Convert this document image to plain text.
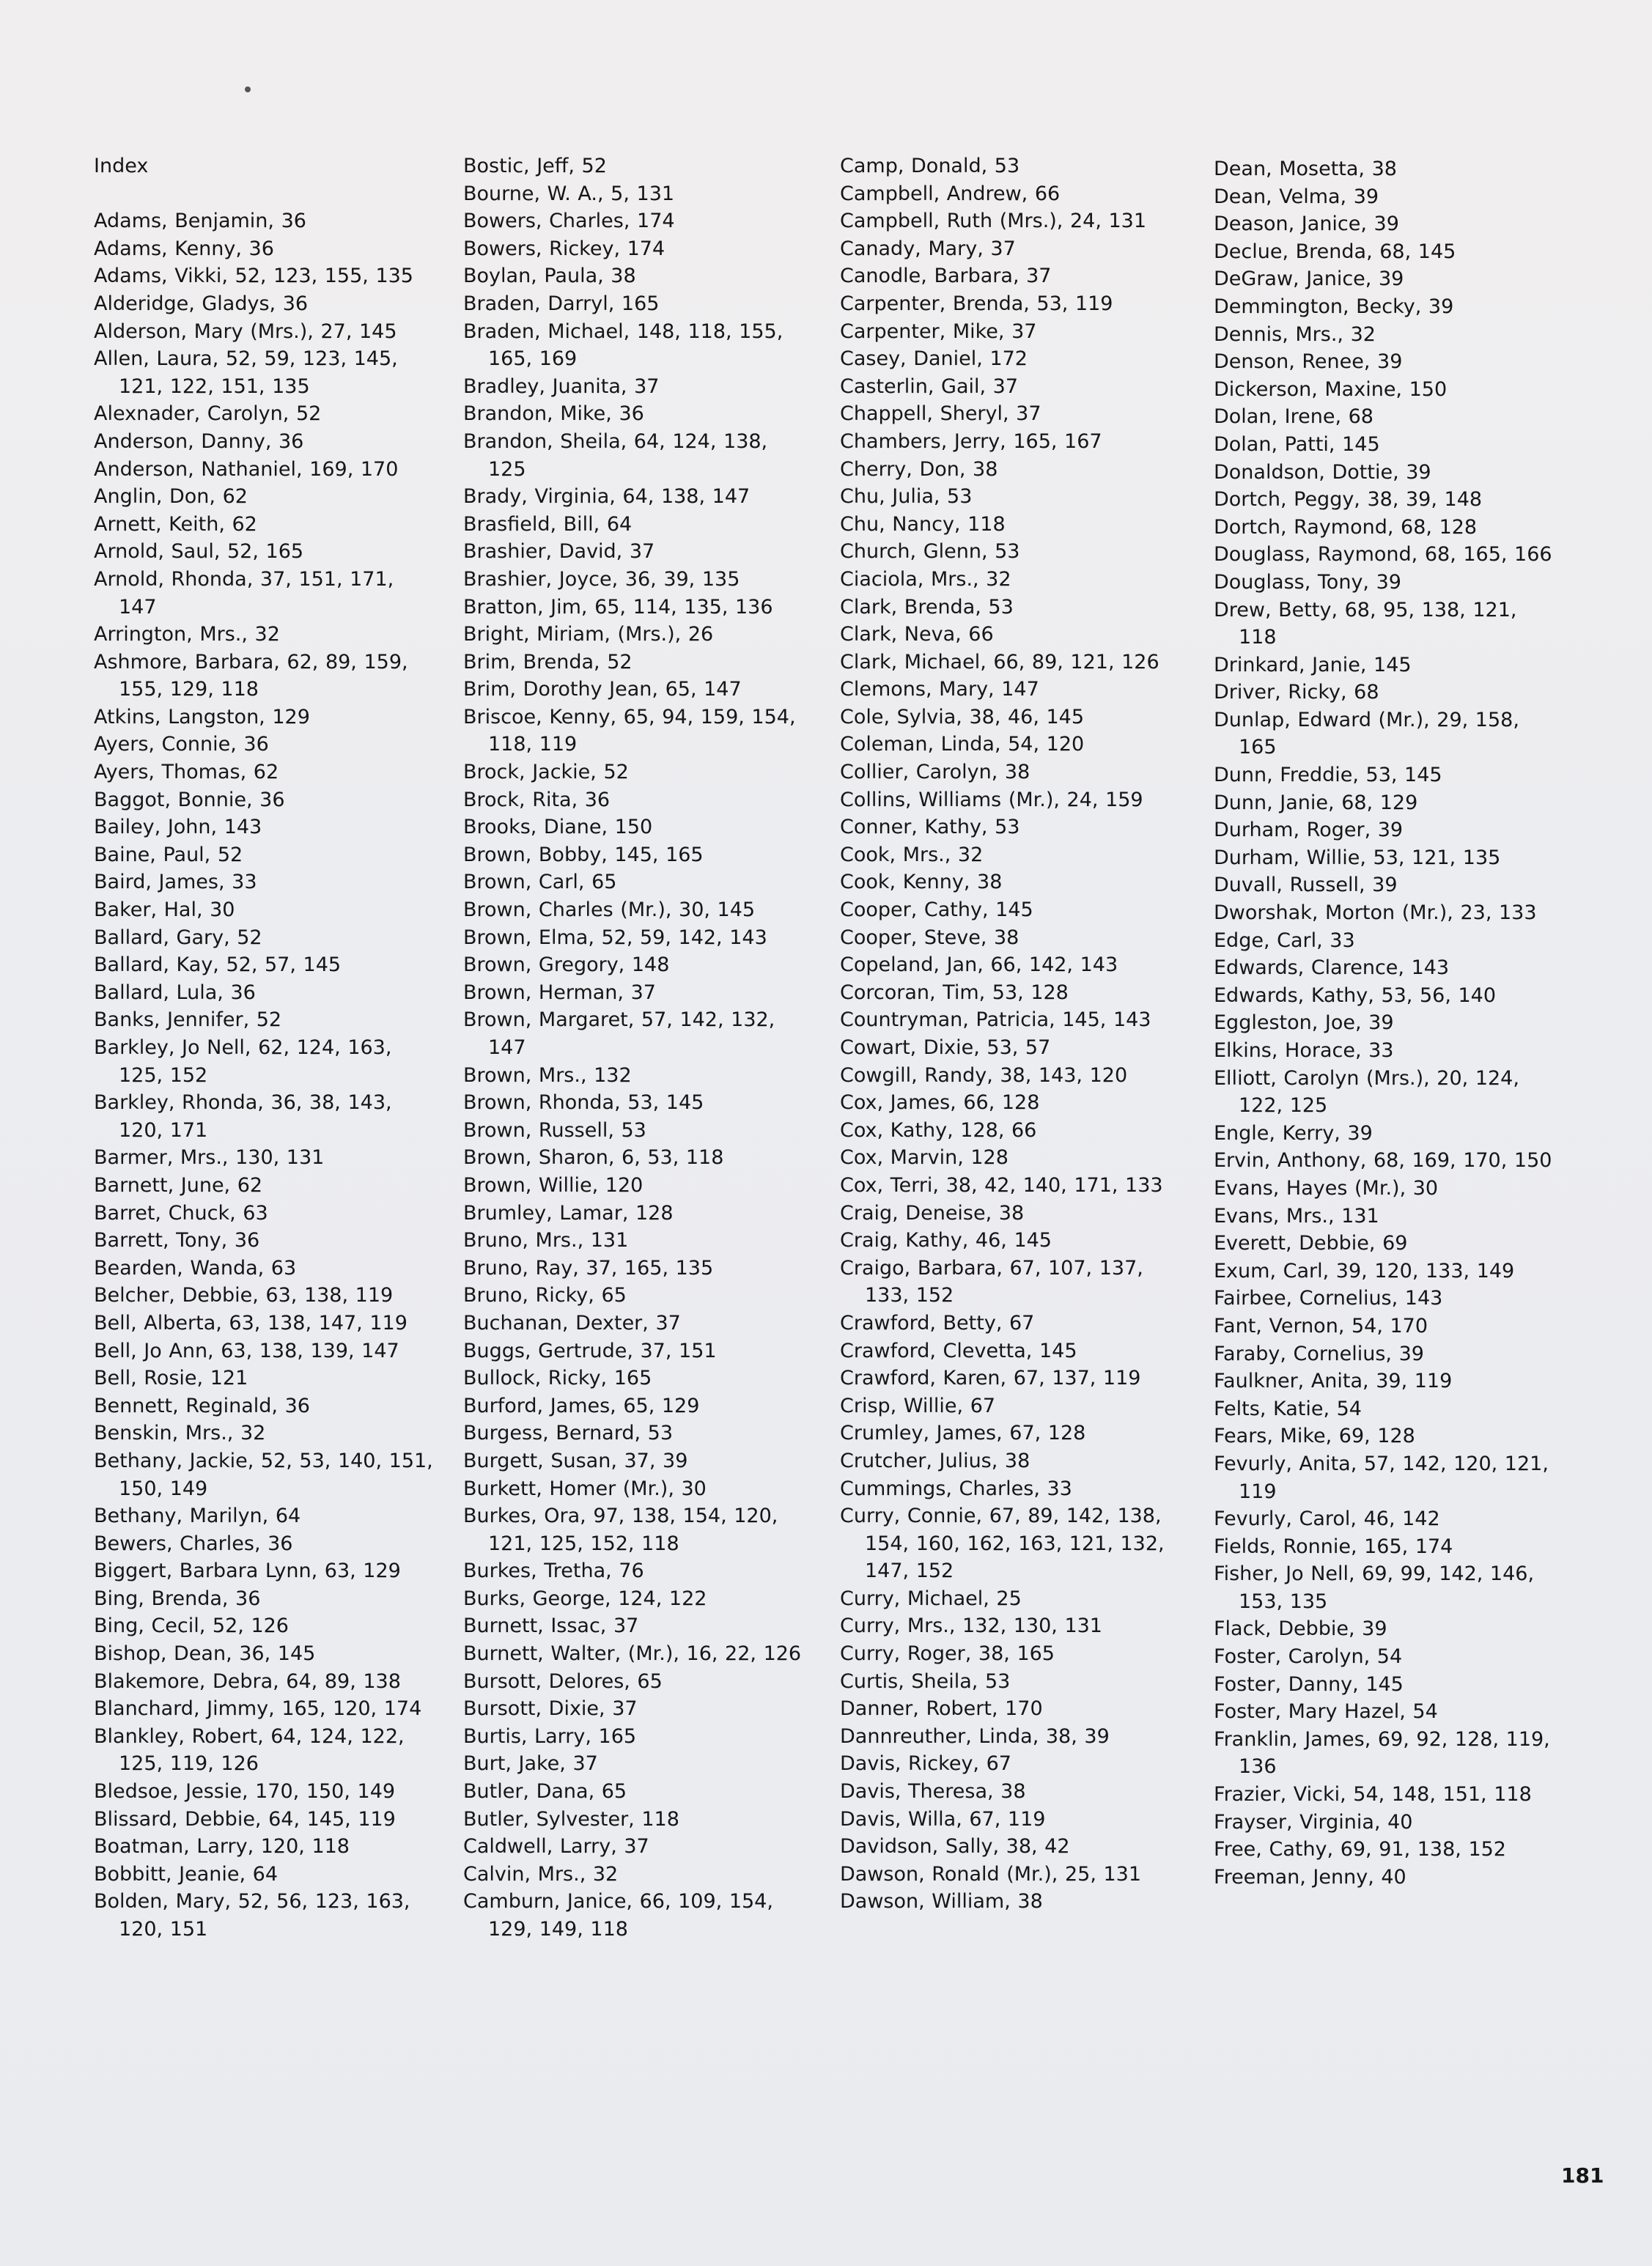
Index
Adams, Benjamin, 36
Adams, Kenny, 36
Adams, Vikki, 52, 123, 155, 135
Alderidge, Gladys, 36
Alderson, Mary (Mrs.), 27, 145
Allen, Laura, 52, 59, 123, 145, 121, 122, 151, 135
Alexnader, Carolyn, 52
Anderson, Danny, 36
Anderson, Nathaniel, 169, 170
Anglin, Don, 62
Arnett, Keith, 62
Arnold, Saul, 52, 165
Arnold, Rhonda, 37, 151, 171, 147
Arrington, Mrs., 32
Ashmore, Barbara, 62, 89, 159, 155, 129, 118
Atkins, Langston, 129
Ayers, Connie, 36
Ayers, Thomas, 62
Baggot, Bonnie, 36
Bailey, John, 143
Baine, Paul, 52
Baird, James, 33
Baker, Hal, 30
Ballard, Gary, 52
Ballard, Kay, 52, 57, 145
Ballard, Lula, 36
Banks, Jennifer, 52
Barkley, Jo Nell, 62, 124, 163, 125, 152
Barkley, Rhonda, 36, 38, 143, 120, 171
Barmer, Mrs., 130, 131
Barnett, June, 62
Barret, Chuck, 63
Barrett, Tony, 36
Bearden, Wanda, 63
Belcher, Debbie, 63, 138, 119
Bell, Alberta, 63, 138, 147, 119
Bell, Jo Ann, 63, 138, 139, 147
Bell, Rosie, 121
Bennett, Reginald, 36
Benskin, Mrs., 32
Bethany, Jackie, 52, 53, 140, 151, 150, 149
Bethany, Marilyn, 64
Bewers, Charles, 36
Biggert, Barbara Lynn, 63, 129
Bing, Brenda, 36
Bing, Cecil, 52, 126
Bishop, Dean, 36, 145
Blakemore, Debra, 64, 89, 138
Blanchard, Jimmy, 165, 120, 174
Blankley, Robert, 64, 124, 122, 125, 119, 126
Bledsoe, Jessie, 170, 150, 149
Blissard, Debbie, 64, 145, 119
Boatman, Larry, 120, 118
Bobbitt, Jeanie, 64
Bolden, Mary, 52, 56, 123, 163, 120, 151
Bostic, Jeff, 52
Bourne, W. A., 5, 131
Bowers, Charles, 174
Bowers, Rickey, 174
Boylan, Paula, 38
Braden, Darryl, 165
Braden, Michael, 148, 118, 155, 165, 169
Bradley, Juanita, 37
Brandon, Mike, 36
Brandon, Sheila, 64, 124, 138, 125
Brady, Virginia, 64, 138, 147
Brasfield, Bill, 64
Brashier, David, 37
Brashier, Joyce, 36, 39, 135
Bratton, Jim, 65, 114, 135, 136
Bright, Miriam, (Mrs.), 26
Brim, Brenda, 52
Brim, Dorothy Jean, 65, 147
Briscoe, Kenny, 65, 94, 159, 154, 118, 119
Brock, Jackie, 52
Brock, Rita, 36
Brooks, Diane, 150
Brown, Bobby, 145, 165
Brown, Carl, 65
Brown, Charles (Mr.), 30, 145
Brown, Elma, 52, 59, 142, 143
Brown, Gregory, 148
Brown, Herman, 37
Brown, Margaret, 57, 142, 132, 147
Brown, Mrs., 132
Brown, Rhonda, 53, 145
Brown, Russell, 53
Brown, Sharon, 6, 53, 118
Brown, Willie, 120
Brumley, Lamar, 128
Bruno, Mrs., 131
Bruno, Ray, 37, 165, 135
Bruno, Ricky, 65
Buchanan, Dexter, 37
Buggs, Gertrude, 37, 151
Bullock, Ricky, 165
Burford, James, 65, 129
Burgess, Bernard, 53
Burgett, Susan, 37, 39
Burkett, Homer (Mr.), 30
Burkes, Ora, 97, 138, 154, 120, 121, 125, 152, 118
Burkes, Tretha, 76
Burks, George, 124, 122
Burnett, Issac, 37
Burnett, Walter, (Mr.), 16, 22, 126
Bursott, Delores, 65
Bursott, Dixie, 37
Burtis, Larry, 165
Burt, Jake, 37
Butler, Dana, 65
Butler, Sylvester, 118
Caldwell, Larry, 37
Calvin, Mrs., 32
Camburn, Janice, 66, 109, 154, 129, 149, 118
Camp, Donald, 53
Campbell, Andrew, 66
Campbell, Ruth (Mrs.), 24, 131
Canady, Mary, 37
Canodle, Barbara, 37
Carpenter, Brenda, 53, 119
Carpenter, Mike, 37
Casey, Daniel, 172
Casterlin, Gail, 37
Chappell, Sheryl, 37
Chambers, Jerry, 165, 167
Cherry, Don, 38
Chu, Julia, 53
Chu, Nancy, 118
Church, Glenn, 53
Ciaciola, Mrs., 32
Clark, Brenda, 53
Clark, Neva, 66
Clark, Michael, 66, 89, 121, 126
Clemons, Mary, 147
Cole, Sylvia, 38, 46, 145
Coleman, Linda, 54, 120
Collier, Carolyn, 38
Collins, Williams (Mr.), 24, 159
Conner, Kathy, 53
Cook, Mrs., 32
Cook, Kenny, 38
Cooper, Cathy, 145
Cooper, Steve, 38
Copeland, Jan, 66, 142, 143
Corcoran, Tim, 53, 128
Countryman, Patricia, 145, 143
Cowart, Dixie, 53, 57
Cowgill, Randy, 38, 143, 120
Cox, James, 66, 128
Cox, Kathy, 128, 66
Cox, Marvin, 128
Cox, Terri, 38, 42, 140, 171, 133
Craig, Deneise, 38
Craig, Kathy, 46, 145
Craigo, Barbara, 67, 107, 137, 133, 152
Crawford, Betty, 67
Crawford, Clevetta, 145
Crawford, Karen, 67, 137, 119
Crisp, Willie, 67
Crumley, James, 67, 128
Crutcher, Julius, 38
Cummings, Charles, 33
Curry, Connie, 67, 89, 142, 138, 154, 160, 162, 163, 121, 132, 147, 152
Curry, Michael, 25
Curry, Mrs., 132, 130, 131
Curry, Roger, 38, 165
Curtis, Sheila, 53
Danner, Robert, 170
Dannreuther, Linda, 38, 39
Davis, Rickey, 67
Davis, Theresa, 38
Davis, Willa, 67, 119
Davidson, Sally, 38, 42
Dawson, Ronald (Mr.), 25, 131
Dawson, William, 38
Dean, Mosetta, 38
Dean, Velma, 39
Deason, Janice, 39
Declue, Brenda, 68, 145
DeGraw, Janice, 39
Demmington, Becky, 39
Dennis, Mrs., 32
Denson, Renee, 39
Dickerson, Maxine, 150
Dolan, Irene, 68
Dolan, Patti, 145
Donaldson, Dottie, 39
Dortch, Peggy, 38, 39, 148
Dortch, Raymond, 68, 128
Douglass, Raymond, 68, 165, 166
Douglass, Tony, 39
Drew, Betty, 68, 95, 138, 121, 118
Drinkard, Janie, 145
Driver, Ricky, 68
Dunlap, Edward (Mr.), 29, 158, 165
Dunn, Freddie, 53, 145
Dunn, Janie, 68, 129
Durham, Roger, 39
Durham, Willie, 53, 121, 135
Duvall, Russell, 39
Dworshak, Morton (Mr.), 23, 133
Edge, Carl, 33
Edwards, Clarence, 143
Edwards, Kathy, 53, 56, 140
Eggleston, Joe, 39
Elkins, Horace, 33
Elliott, Carolyn (Mrs.), 20, 124, 122, 125
Engle, Kerry, 39
Ervin, Anthony, 68, 169, 170, 150
Evans, Hayes (Mr.), 30
Evans, Mrs., 131
Everett, Debbie, 69
Exum, Carl, 39, 120, 133, 149
Fairbee, Cornelius, 143
Fant, Vernon, 54, 170
Faraby, Cornelius, 39
Faulkner, Anita, 39, 119
Felts, Katie, 54
Fears, Mike, 69, 128
Fevurly, Anita, 57, 142, 120, 121, 119
Fevurly, Carol, 46, 142
Fields, Ronnie, 165, 174
Fisher, Jo Nell, 69, 99, 142, 146, 153, 135
Flack, Debbie, 39
Foster, Carolyn, 54
Foster, Danny, 145
Foster, Mary Hazel, 54
Franklin, James, 69, 92, 128, 119, 136
Frazier, Vicki, 54, 148, 151, 118
Frayser, Virginia, 40
Free, Cathy, 69, 91, 138, 152
Freeman, Jenny, 40
181
